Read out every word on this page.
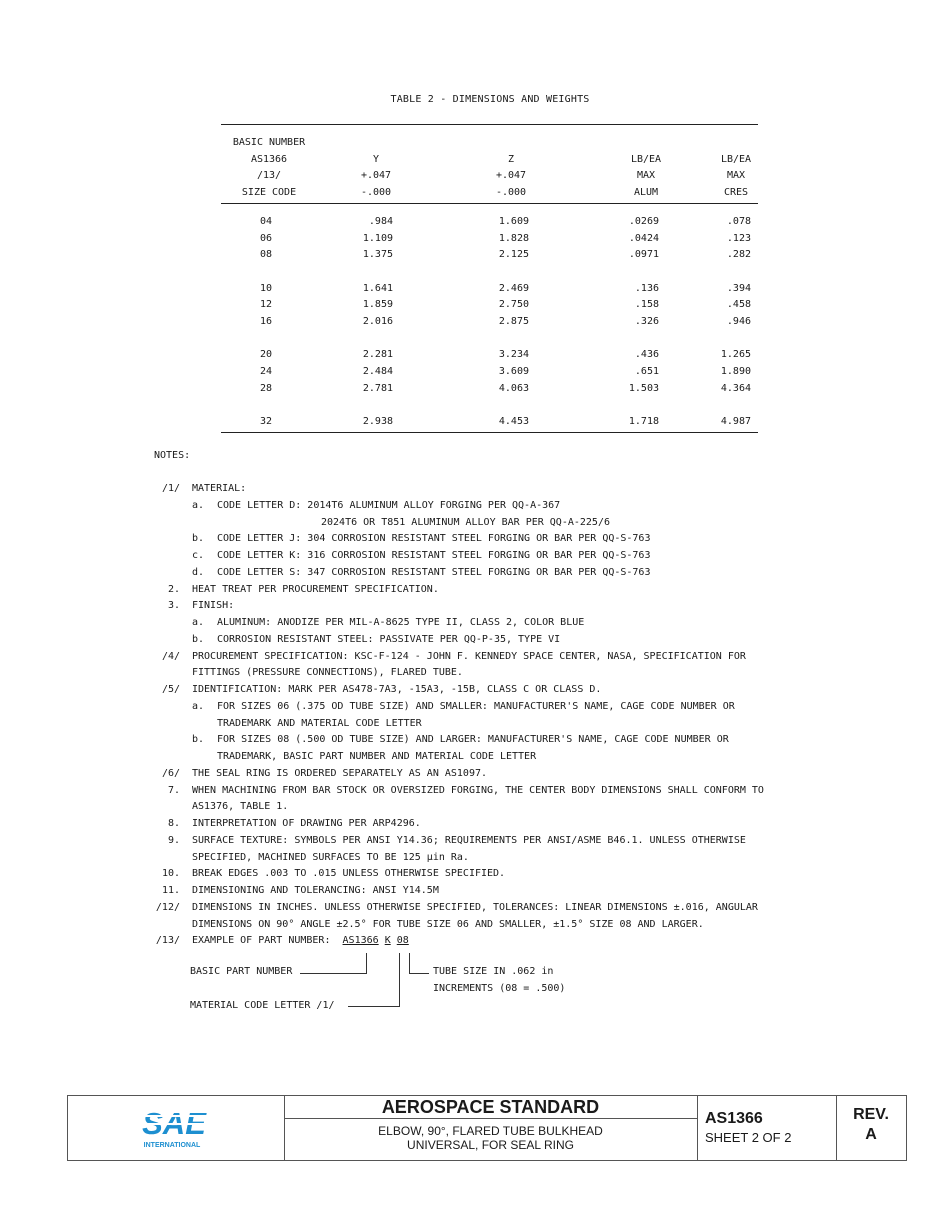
TABLE 2 - DIMENSIONS AND WEIGHTS
BASIC NUMBER
AS1366	Y	Z	LB/EA	LB/EA
/13/	+.047	+.047	MAX	MAX
SIZE CODE	-.000	-.000	ALUM	CRES
04	.984	1.609	.0269	.078
06	1.109	1.828	.0424	.123
08	1.375	2.125	.0971	.282
10	1.641	2.469	.136	.394
12	1.859	2.750	.158	.458
16	2.016	2.875	.326	.946
20	2.281	3.234	.436	1.265
24	2.484	3.609	.651	1.890
28	2.781	4.063	1.503	4.364
32	2.938	4.453	1.718	4.987
NOTES:
/1/ MATERIAL:
a. CODE LETTER D: 2014T6 ALUMINUM ALLOY FORGING PER QQ-A-367
2024T6 OR T851 ALUMINUM ALLOY BAR PER QQ-A-225/6
b. CODE LETTER J: 304 CORROSION RESISTANT STEEL FORGING OR BAR PER QQ-S-763
c. CODE LETTER K: 316 CORROSION RESISTANT STEEL FORGING OR BAR PER QQ-S-763
d. CODE LETTER S: 347 CORROSION RESISTANT STEEL FORGING OR BAR PER QQ-S-763
2. HEAT TREAT PER PROCUREMENT SPECIFICATION.
3. FINISH:
a. ALUMINUM: ANODIZE PER MIL-A-8625 TYPE II, CLASS 2, COLOR BLUE
b. CORROSION RESISTANT STEEL: PASSIVATE PER QQ-P-35, TYPE VI
/4/ PROCUREMENT SPECIFICATION: KSC-F-124 - JOHN F. KENNEDY SPACE CENTER, NASA, SPECIFICATION FOR
FITTINGS (PRESSURE CONNECTIONS), FLARED TUBE.
/5/ IDENTIFICATION: MARK PER AS478-7A3, -15A3, -15B, CLASS C OR CLASS D.
a. FOR SIZES 06 (.375 OD TUBE SIZE) AND SMALLER: MANUFACTURER'S NAME, CAGE CODE NUMBER OR
TRADEMARK AND MATERIAL CODE LETTER
b. FOR SIZES 08 (.500 OD TUBE SIZE) AND LARGER: MANUFACTURER'S NAME, CAGE CODE NUMBER OR
TRADEMARK, BASIC PART NUMBER AND MATERIAL CODE LETTER
/6/ THE SEAL RING IS ORDERED SEPARATELY AS AN AS1097.
7. WHEN MACHINING FROM BAR STOCK OR OVERSIZED FORGING, THE CENTER BODY DIMENSIONS SHALL CONFORM TO
AS1376, TABLE 1.
8. INTERPRETATION OF DRAWING PER ARP4296.
9. SURFACE TEXTURE: SYMBOLS PER ANSI Y14.36; REQUIREMENTS PER ANSI/ASME B46.1. UNLESS OTHERWISE
SPECIFIED, MACHINED SURFACES TO BE 125 μin Ra.
10. BREAK EDGES .003 TO .015 UNLESS OTHERWISE SPECIFIED.
11. DIMENSIONING AND TOLERANCING: ANSI Y14.5M
/12/ DIMENSIONS IN INCHES. UNLESS OTHERWISE SPECIFIED, TOLERANCES: LINEAR DIMENSIONS ±.016, ANGULAR
DIMENSIONS ON 90° ANGLE ±2.5° FOR TUBE SIZE 06 AND SMALLER, ±1.5° SIZE 08 AND LARGER.
/13/ EXAMPLE OF PART NUMBER: AS1366 K 08
BASIC PART NUMBER	TUBE SIZE IN .062 in
INCREMENTS (08 = .500)
MATERIAL CODE LETTER /1/
SAE
INTERNATIONAL
AEROSPACE STANDARD
ELBOW, 90°, FLARED TUBE BULKHEAD
UNIVERSAL, FOR SEAL RING
AS1366
SHEET 2 OF 2
REV.
A
